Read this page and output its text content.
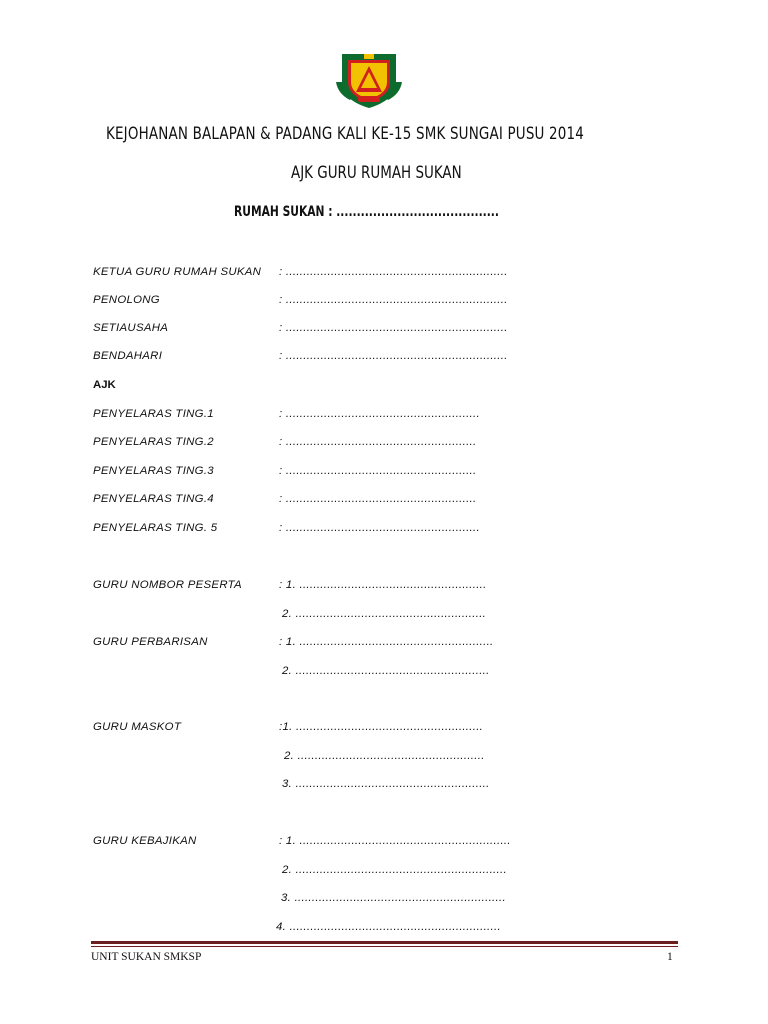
KEJOHANAN BALAPAN & PADANG KALI KE-15 SMK SUNGAI PUSU 2014
AJK GURU RUMAH SUKAN
RUMAH SUKAN : ........................................
KETUA GURU RUMAH SUKAN : ................................................................
PENOLONG	: ................................................................
SETIAUSAHA	: ................................................................
BENDAHARI	: ................................................................
AJK
PENYELARAS TING.1	: ........................................................
PENYELARAS TING.2	: .......................................................
PENYELARAS TING.3	: .......................................................
PENYELARAS TING.4	: .......................................................
PENYELARAS TING. 5	: ........................................................
GURU NOMBOR PESERTA	: 1. ......................................................
2. .......................................................
GURU PERBARISAN	: 1. ........................................................
2. ........................................................
GURU MASKOT	:1. ......................................................
2. ......................................................
3. ........................................................
GURU KEBAJIKAN	: 1. .............................................................
2. .............................................................
3. .............................................................
4. .............................................................
UNIT SUKAN SMKSP	1
